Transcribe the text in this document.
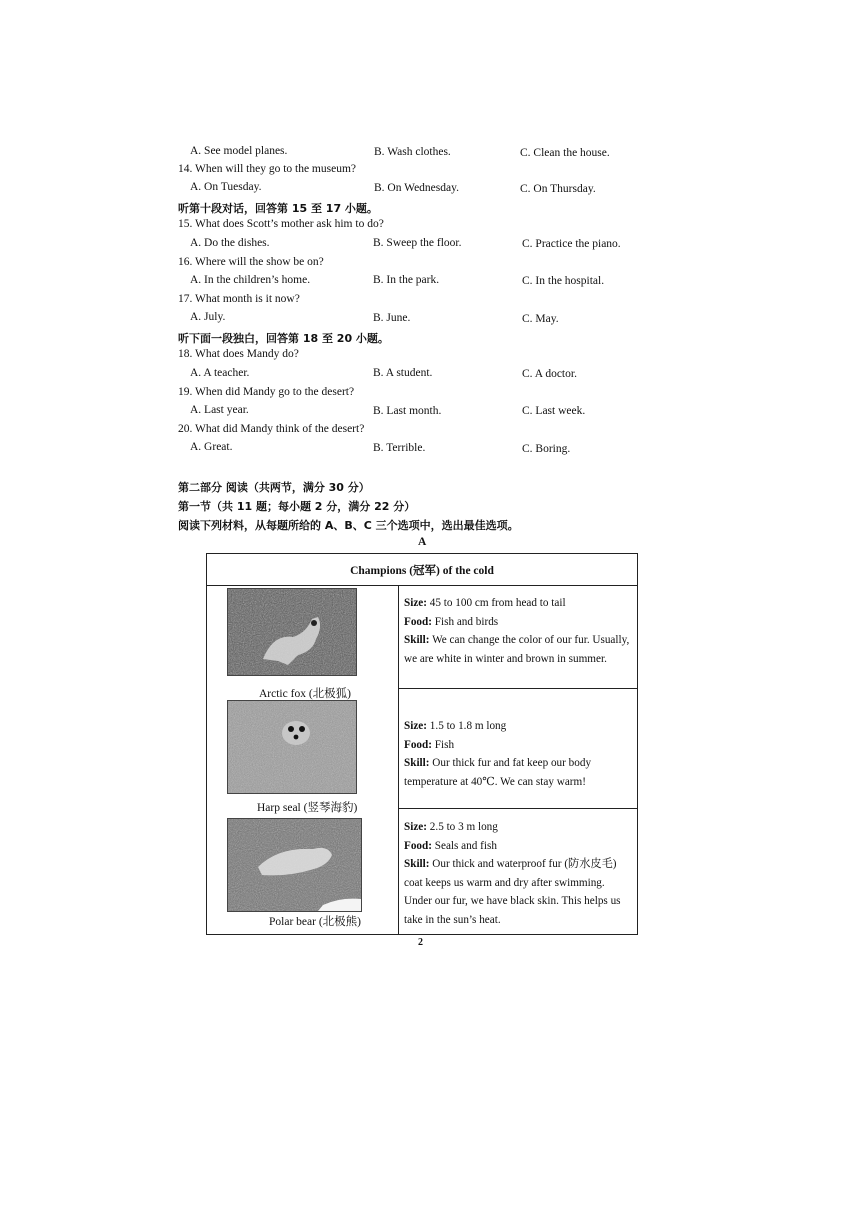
A. See model planes.	B. Wash clothes.	C. Clean the house.
14. When will they go to the museum?
A. On Tuesday.	B. On Wednesday.	C. On Thursday.
听第十段对话，回答第 15 至 17 小题。
15. What does Scott’s mother ask him to do?
A. Do the dishes.	B. Sweep the floor.	C. Practice the piano.
16. Where will the show be on?
A. In the children’s home.	B. In the park.	C. In the hospital.
17. What month is it now?
A. July.	B. June.	C. May.
听下面一段独白，回答第 18 至 20 小题。
18. What does Mandy do?
A. A teacher.	B. A student.	C. A doctor.
19. When did Mandy go to the desert?
A. Last year.	B. Last month.	C. Last week.
20. What did Mandy think of the desert?
A. Great.	B. Terrible.	C. Boring.
第二部分 阅读（共两节，满分 30 分）
第一节（共 11 题；每小题 2 分，满分 22 分）
阅读下列材料，从每题所给的 A、B、C 三个选项中，选出最佳选项。
A
Champions (冠军) of the cold
Arctic fox (北极狐)
Size: 45 to 100 cm from head to tail
Food: Fish and birds
Skill: We can change the color of our fur. Usually, we are white in winter and brown in summer.
Harp seal (竖琴海豹)
Size: 1.5 to 1.8 m long
Food: Fish
Skill: Our thick fur and fat keep our body temperature at 40℃. We can stay warm!
Polar bear (北极熊)
Size: 2.5 to 3 m long
Food: Seals and fish
Skill: Our thick and waterproof fur (防水皮毛) coat keeps us warm and dry after swimming. Under our fur, we have black skin. This helps us take in the sun’s heat.
2
